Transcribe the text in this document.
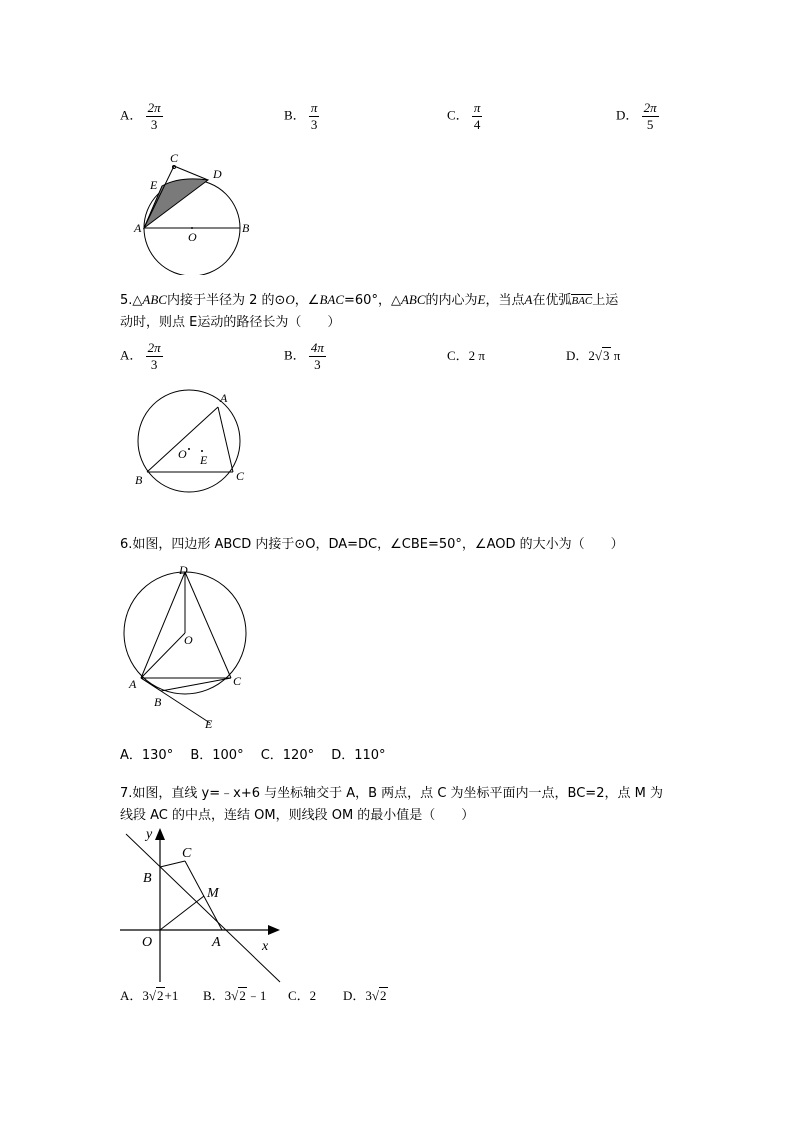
A． $\frac{2\pi}{3}$	B． $\frac{\pi}{3}$	C． $\frac{\pi}{4}$	D． $\frac{2\pi}{5}$
C
D
E
A
O
B
5.△ABC内接于半径为 2 的⊙O，∠BAC=60°，△ABC的内心为E，当点A在优弧BAC上运
动时，则点 E运动的路径长为（　　）
A． $\frac{2\pi}{3}$	B． $\frac{4\pi}{3}$	C．2 π	D．2√3 π
A
O E
B	C
6.如图，四边形 ABCD 内接于⊙O，DA=DC，∠CBE=50°，∠AOD 的大小为（　　）
D
O
A	C
B
E
A．130°　 B．100°　 C．120°　 D．110°
7.如图，直线 y=﹣x+6 与坐标轴交于 A，B 两点，点 C 为坐标平面内一点，BC=2，点 M 为
线段 AC 的中点，连结 OM，则线段 OM 的最小值是（　　）
y
C
B
M
O	A	x
A．3√2+1 B．3√2﹣1 C．2 D．3√2
